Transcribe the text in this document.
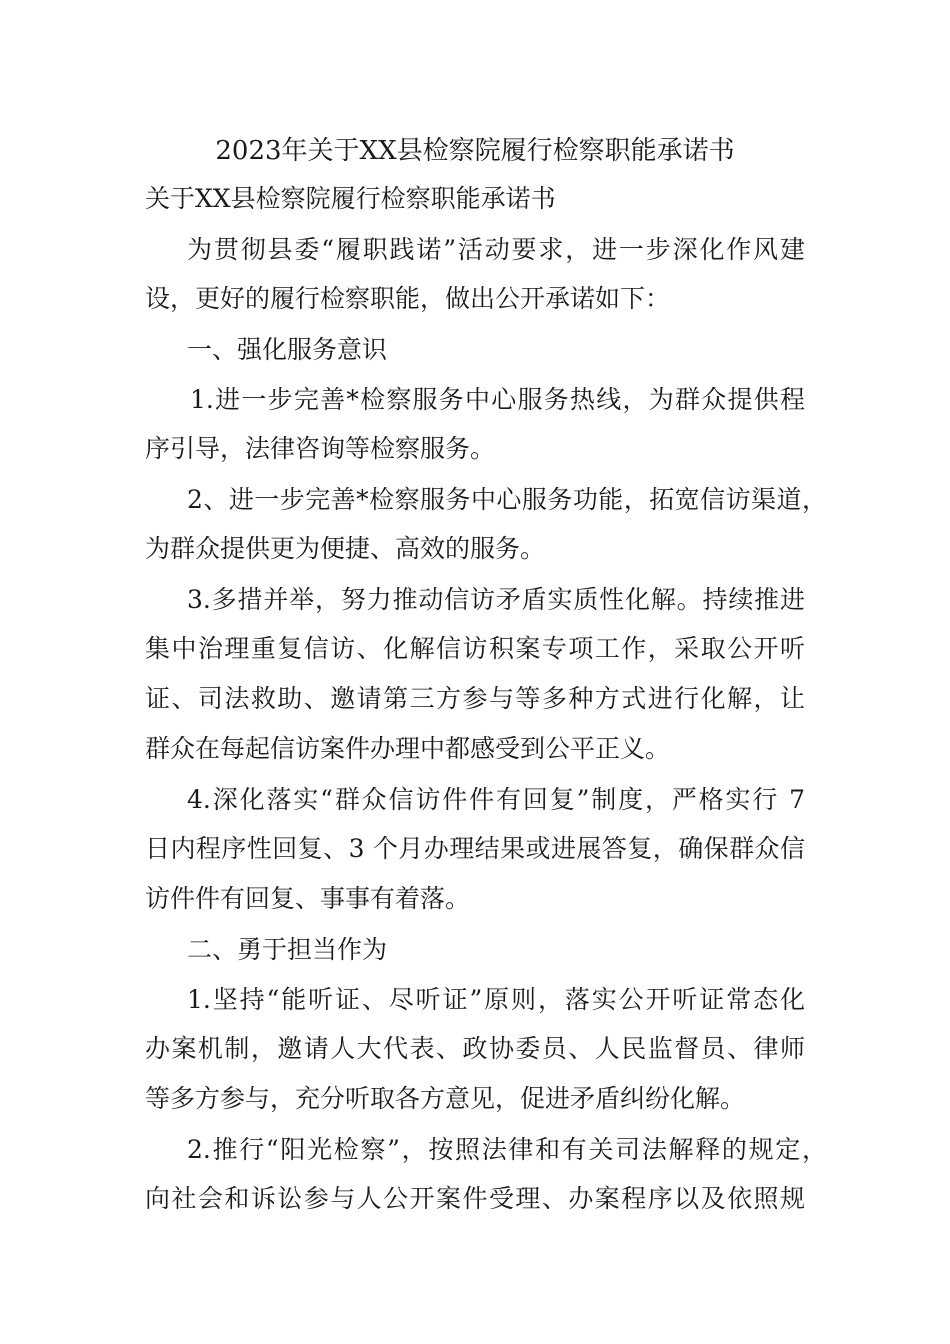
2023年关于XX县检察院履行检察职能承诺书
关于XX县检察院履行检察职能承诺书
为贯彻县委“履职践诺”活动要求，进一步深化作风建
设，更好的履行检察职能，做出公开承诺如下：
一、强化服务意识
1.进一步完善*检察服务中心服务热线，为群众提供程
序引导，法律咨询等检察服务。
2、进一步完善*检察服务中心服务功能，拓宽信访渠道，
为群众提供更为便捷、高效的服务。
3.多措并举，努力推动信访矛盾实质性化解。持续推进
集中治理重复信访、化解信访积案专项工作，采取公开听
证、司法救助、邀请第三方参与等多种方式进行化解，让
群众在每起信访案件办理中都感受到公平正义。
4.深化落实“群众信访件件有回复”制度，严格实行 7
日内程序性回复、3 个月办理结果或进展答复，确保群众信
访件件有回复、事事有着落。
二、勇于担当作为
1.坚持“能听证、尽听证”原则，落实公开听证常态化
办案机制，邀请人大代表、政协委员、人民监督员、律师
等多方参与，充分听取各方意见，促进矛盾纠纷化解。
2.推行“阳光检察”，按照法律和有关司法解释的规定，
向社会和诉讼参与人公开案件受理、办案程序以及依照规
